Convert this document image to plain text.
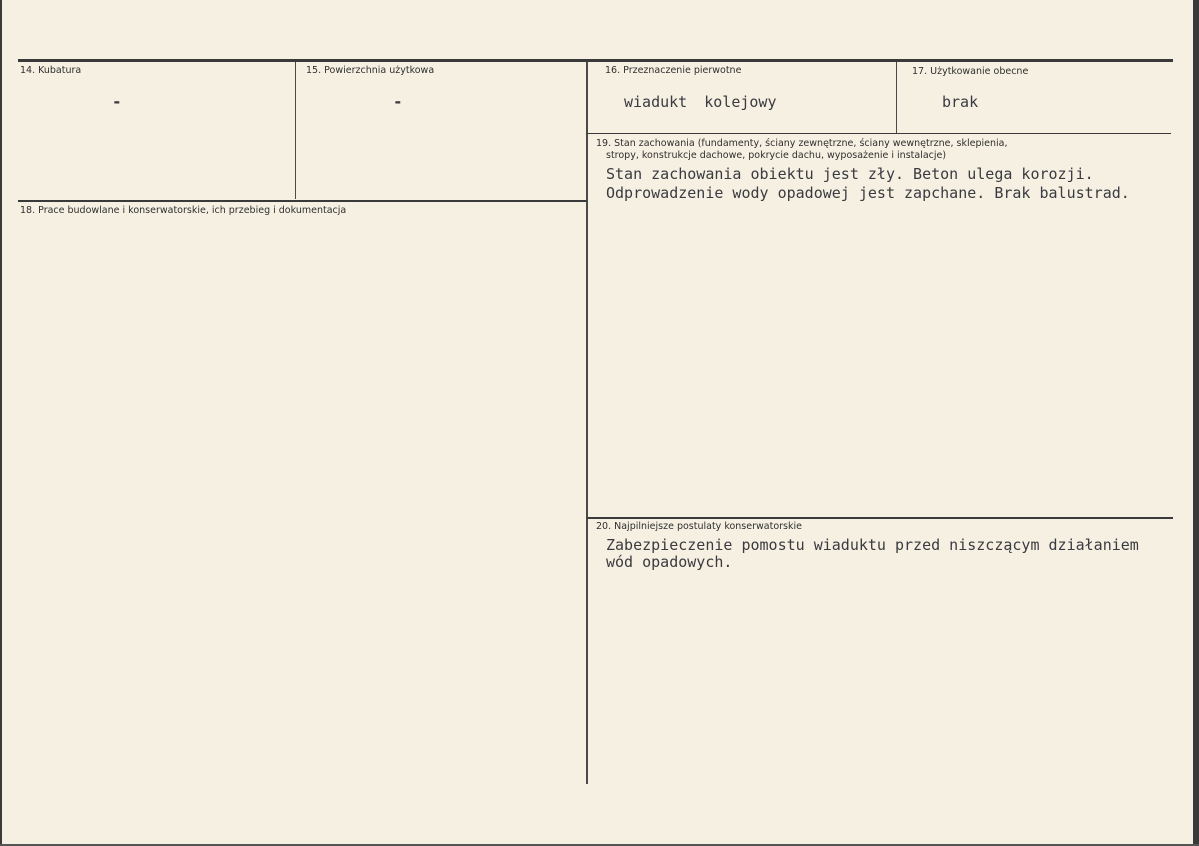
14. Kubatura
-
15. Powierzchnia użytkowa
-
16. Przeznaczenie pierwotne
wiadukt kolejowy
17. Użytkowanie obecne
brak
18. Prace budowlane i konserwatorskie, ich przebieg i dokumentacja
19. Stan zachowania (fundamenty, ściany zewnętrzne, ściany wewnętrzne, sklepienia,
stropy, konstrukcje dachowe, pokrycie dachu, wyposażenie i instalacje)
Stan zachowania obiektu jest zły. Beton ulega korozji.
Odprowadzenie wody opadowej jest zapchane. Brak balustrad.
20. Najpilniejsze postulaty konserwatorskie
Zabezpieczenie pomostu wiaduktu przed niszczącym działaniem
wód opadowych.
